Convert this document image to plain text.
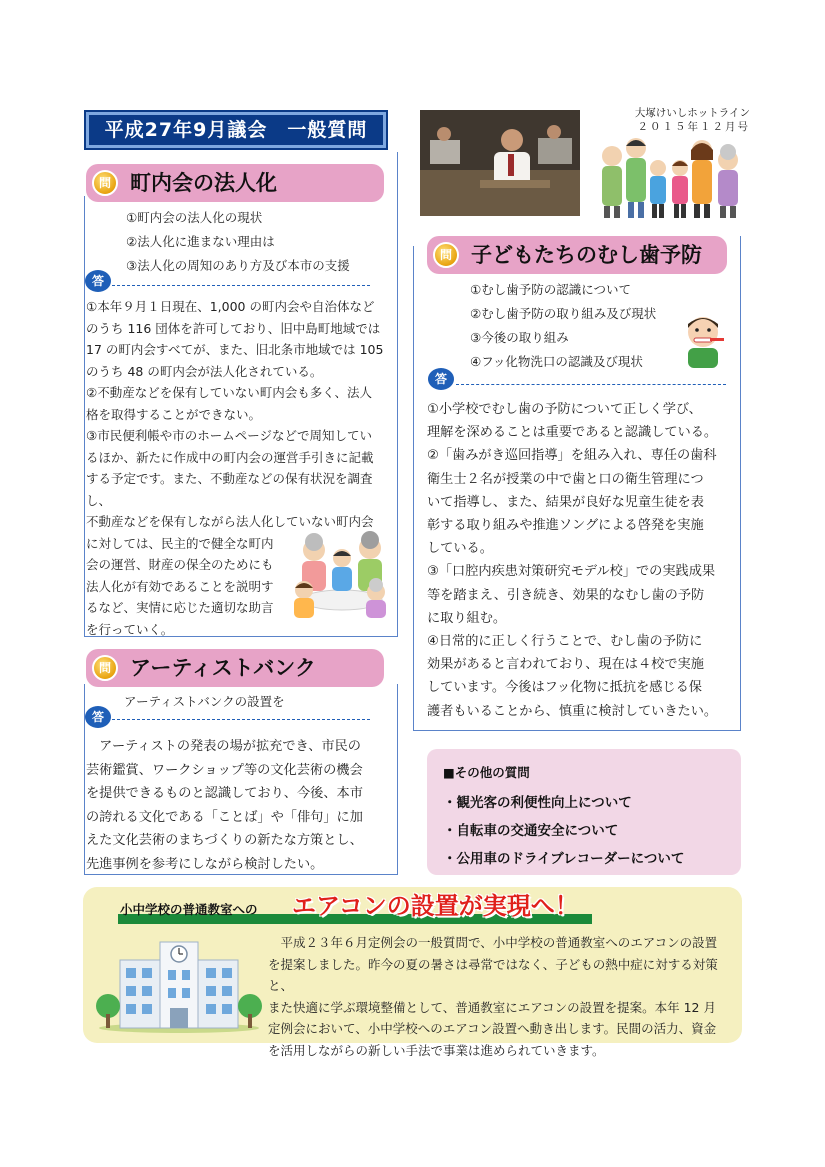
平成27年9月議会　一般質問
大塚けいしホットライン
２０１５年１２月号
問 町内会の法人化
①町内会の法人化の現状
②法人化に進まない理由は
③法人化の周知のあり方及び本市の支援
答

①本年９月１日現在、1,000 の町内会や自治体など

のうち 116 団体を許可しており、旧中島町地域では

17 の町内会すべてが、また、旧北条市地域では 105

のうち 48 の町内会が法人化されている。

②不動産などを保有していない町内会も多く、法人

格を取得することができない。

③市民便利帳や市のホームページなどで周知してい

るほか、新たに作成中の町内会の運営手引きに記載

する予定です。また、不動産などの保有状況を調査し、

不動産などを保有しながら法人化していない町内会

に対しては、民主的で健全な町内

会の運営、財産の保全のためにも

法人化が有効であることを説明す

るなど、実情に応じた適切な助言

を行っていく。

問 アーティストバンク
アーティストバンクの設置を
答

　アーティストの発表の場が拡充でき、市民の

芸術鑑賞、ワークショップ等の文化芸術の機会

を提供できるものと認識しており、今後、本市

の誇れる文化である「ことば」や「俳句」に加

えた文化芸術のまちづくりの新たな方策とし、

先進事例を参考にしながら検討したい。

問 子どもたちのむし歯予防
①むし歯予防の認識について
②むし歯予防の取り組み及び現状
③今後の取り組み
④フッ化物洗口の認識及び現状
答

①小学校でむし歯の予防について正しく学び、

理解を深めることは重要であると認識している。

②「歯みがき巡回指導」を組み入れ、専任の歯科

衛生士２名が授業の中で歯と口の衛生管理につ

いて指導し、また、結果が良好な児童生徒を表

彰する取り組みや推進ソングによる啓発を実施

している。

③「口腔内疾患対策研究モデル校」での実践成果

等を踏まえ、引き続き、効果的なむし歯の予防

に取り組む。

④日常的に正しく行うことで、むし歯の予防に

効果があると言われており、現在は４校で実施

しています。今後はフッ化物に抵抗を感じる保

護者もいることから、慎重に検討していきたい。

■その他の質問
・観光客の利便性向上について
・自転車の交通安全について
・公用車のドライブレコーダーについて
小中学校の普通教室への	エアコンの設置が実現へ！

　平成２３年６月定例会の一般質問で、小中学校の普通教室へのエアコンの設置

を提案しました。昨今の夏の暑さは尋常ではなく、子どもの熱中症に対する対策と、

また快適に学ぶ環境整備として、普通教室にエアコンの設置を提案。本年 12 月

定例会において、小中学校へのエアコン設置へ動き出します。民間の活力、資金

を活用しながらの新しい手法で事業は進められていきます。
